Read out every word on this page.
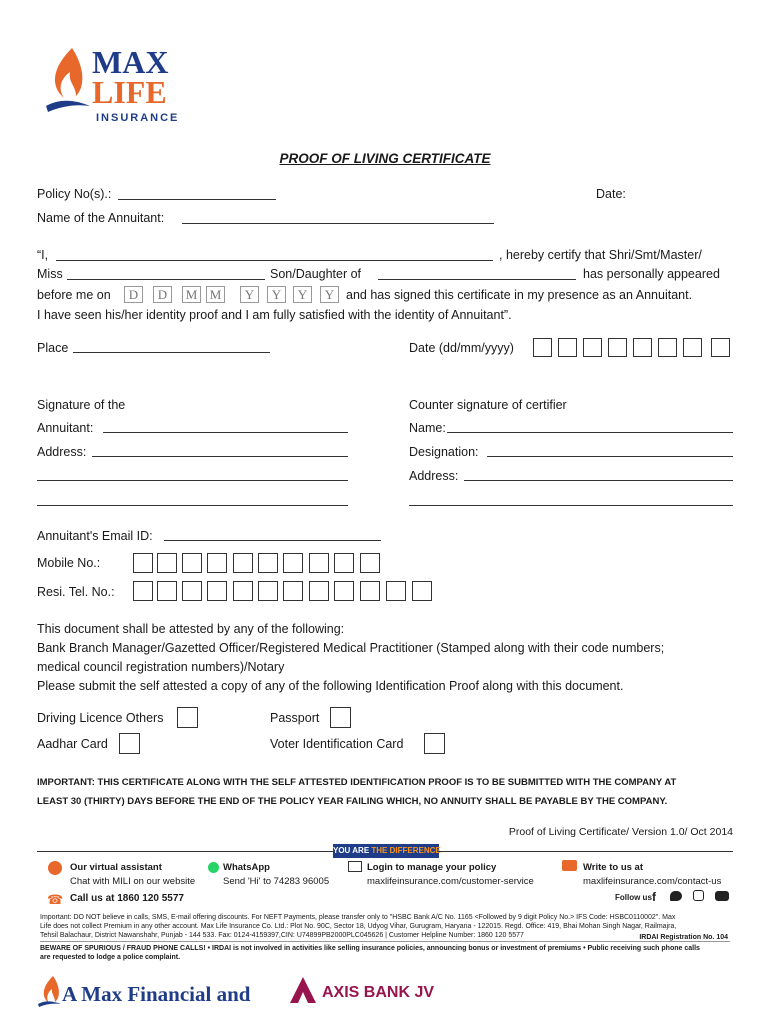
MAX
LIFE
INSURANCE
PROOF OF LIVING CERTIFICATE
Policy No(s).:	Date:
Name of the Annuitant:
“I,	, hereby certify that Shri/Smt/Master/
Miss	Son/Daughter of	has personally appeared
before me on	D	D	M M	Y	Y	Y	Y and has signed this certificate in my presence as an Annuitant.
I have seen his/her identity proof and I am fully satisfied with the identity of Annuitant”.
Place	Date (dd/mm/yyyy)
Signature of the
Annuitant:
Address:
Counter signature of certifier
Name:
Designation:
Address:
Annuitant's Email ID:
Mobile No.:
Resi. Tel. No.:
This document shall be attested by any of the following:
Bank Branch Manager/Gazetted Officer/Registered Medical Practitioner (Stamped along with their code numbers;
medical council registration numbers)/Notary
Please submit the self attested a copy of any of the following Identification Proof along with this document.
Driving Licence Others	Passport
Aadhar Card	Voter Identification Card
IMPORTANT: THIS CERTIFICATE ALONG WITH THE SELF ATTESTED IDENTIFICATION PROOF IS TO BE SUBMITTED WITH THE COMPANY AT
LEAST 30 (THIRTY) DAYS BEFORE THE END OF THE POLICY YEAR FAILING WHICH, NO ANNUITY SHALL BE PAYABLE BY THE COMPANY.
Proof of Living Certificate/ Version 1.0/ Oct 2014
YOU ARE THE DIFFERENCE
Our virtual assistant
Chat with MILI on our website
WhatsApp
Send 'Hi' to 74283 96005
Login to manage your policy
maxlifeinsurance.com/customer-service
Write to us at
maxlifeinsurance.com/contact-us
☎ Call us at 1860 120 5577	Follow us f
Important: DO NOT believe in calls, SMS, E-mail offering discounts. For NEFT Payments, please transfer only to "HSBC Bank A/C No. 1165 <Followed by 9 digit Policy No.> IFS Code: HSBC0110002". Max
Life does not collect Premium in any other account. Max Life Insurance Co. Ltd.: Plot No. 90C, Sector 18, Udyog Vihar, Gurugram, Haryana - 122015. Regd. Office: 419, Bhai Mohan Singh Nagar, Railmajra,
Tehsil Balachaur, District Nawanshahr, Punjab - 144 533. Fax: 0124-4159397,CIN: U74899PB2000PLC045626 | Customer Helpline Number: 1860 120 5577	IRDAI Registration No. 104
BEWARE OF SPURIOUS / FRAUD PHONE CALLS! • IRDAI is not involved in activities like selling insurance policies, announcing bonus or investment of premiums • Public receiving such phone calls
are requested to lodge a police complaint.
A Max Financial and	AXIS BANK JV
